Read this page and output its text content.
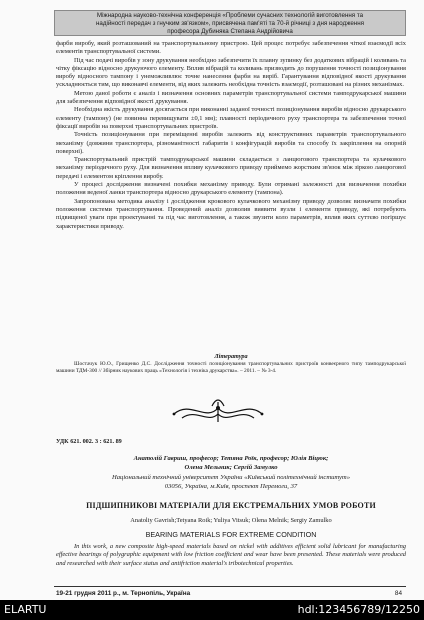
Міжнародна науково-технічна конференція «Проблеми сучасних технологій виготовлення та
надійності передач з гнучким зв'язком», присвячена пам'яті та 70-й річниці з дня народження
професора Дубиняка Степана Андрійовича

фарби виробу, який розташований на транспортувальному пристрою. Цей процес потребує забезпечення чіткої взаємодії всіх елементів транспортувальної системи.

Під час подачі виробів у зону друкування необхідно забезпечити їх плавну зупинку без додаткових вібрацій і коливань та чітку фіксацію відносно друкуючого елементу. Вплив вібрацій та коливань призводить до порушення точності позиціонування виробу відносного тампону і унеможливлює точне нанесення фарби на виріб. Гарантування відповідної якості друкування ускладнюється тим, що виконавчі елементи, від яких залежить необхідна точність взаємодії, розташовані на різних механізмах.

Метою даної роботи є аналіз і визначення основних параметрів транспортувальної системи тамподрукарської машини для забезпечення відповідної якості друкування.

Необхідна якість друкування досягається при виконанні заданої точності позиціонування виробів відносно друкарського елементу (тампону) (не повинна перевищувати ±0,1 мм); плавності періодичного руху транспортера та забезпечення точної фіксації виробів на поверхні транспортувальних пристроїв.

Точність позиціонування при переміщенні виробів залежить від конструктивних параметрів транспортувального механізму (довжини транспортера, різноманітності габаритів і конфігурацій виробів та способу їх закріплення на опорній поверхні).

Транспортувальний пристрій тамподрукарської машини складається з ланцюгового транспортера та кулачкового механізму періодичного руху. Для визначення впливу кулачкового приводу приймемо жорстким зв'язок між зіркою ланцюгової передачі і елементом кріплення виробу.

У процесі дослідження визначені похибки механізму приводу. Були отримані залежності для визначення похибки положення веденої ланки транспортера відносно друкарського елементу (тампона).

Запропонована методика аналізу і дослідження крокового кулачкового механізму приводу дозволяє визначати похибки положення системи транспортування. Проведений аналіз дозволив виявити вузли і елементи приводу, які потребують підвищеної уваги при проектуванні та під час виготовлення, а також звузити коло параметрів, вплив яких суттєво погіршує характеристики приводу.

Література
Шостачук Ю.О., Грищенко Д.С. Дослідження точності позиціонування транспортувальних пристроїв конвеєрного типу тамподрукарської машини ТДМ-300 // Збірник наукових праць «Технологія і техніка друкарства». – 2011. – № 3-4.
УДК 621. 002. 3 : 621. 89
Анатолій Гавриш, професор; Тетяна Роїк, професор; Юлія Віцюк;
Олена Мельник; Сергій Замулко
Національний технічний університет України «Київський політехнічний інститут»
03056, Україна, м.Київ, проспект Перемоги, 37
ПІДШИПНИКОВІ МАТЕРІАЛИ ДЛЯ ЕКСТРЕМАЛЬНИХ УМОВ РОБОТИ
Anatoliy Gavrish;Tetyana Roik; Yuliya Vitsuk; Olena Melnik; Sergiy Zamulko
BEARING MATERIALS FOR EXTREME CONDITION
In this work, a new composite high-speed materials based on nickel with additives efficient solid lubricant for manufacturing effective bearings of polygraphic equipment with low friction coefficient and wear have been presented. These materials were produced and researched with their surface status and antifriction material's tribotechnical properties.
19-21 грудня 2011 р., м. Тернопіль, Україна	84
ELARTU	hdl:123456789/12250
